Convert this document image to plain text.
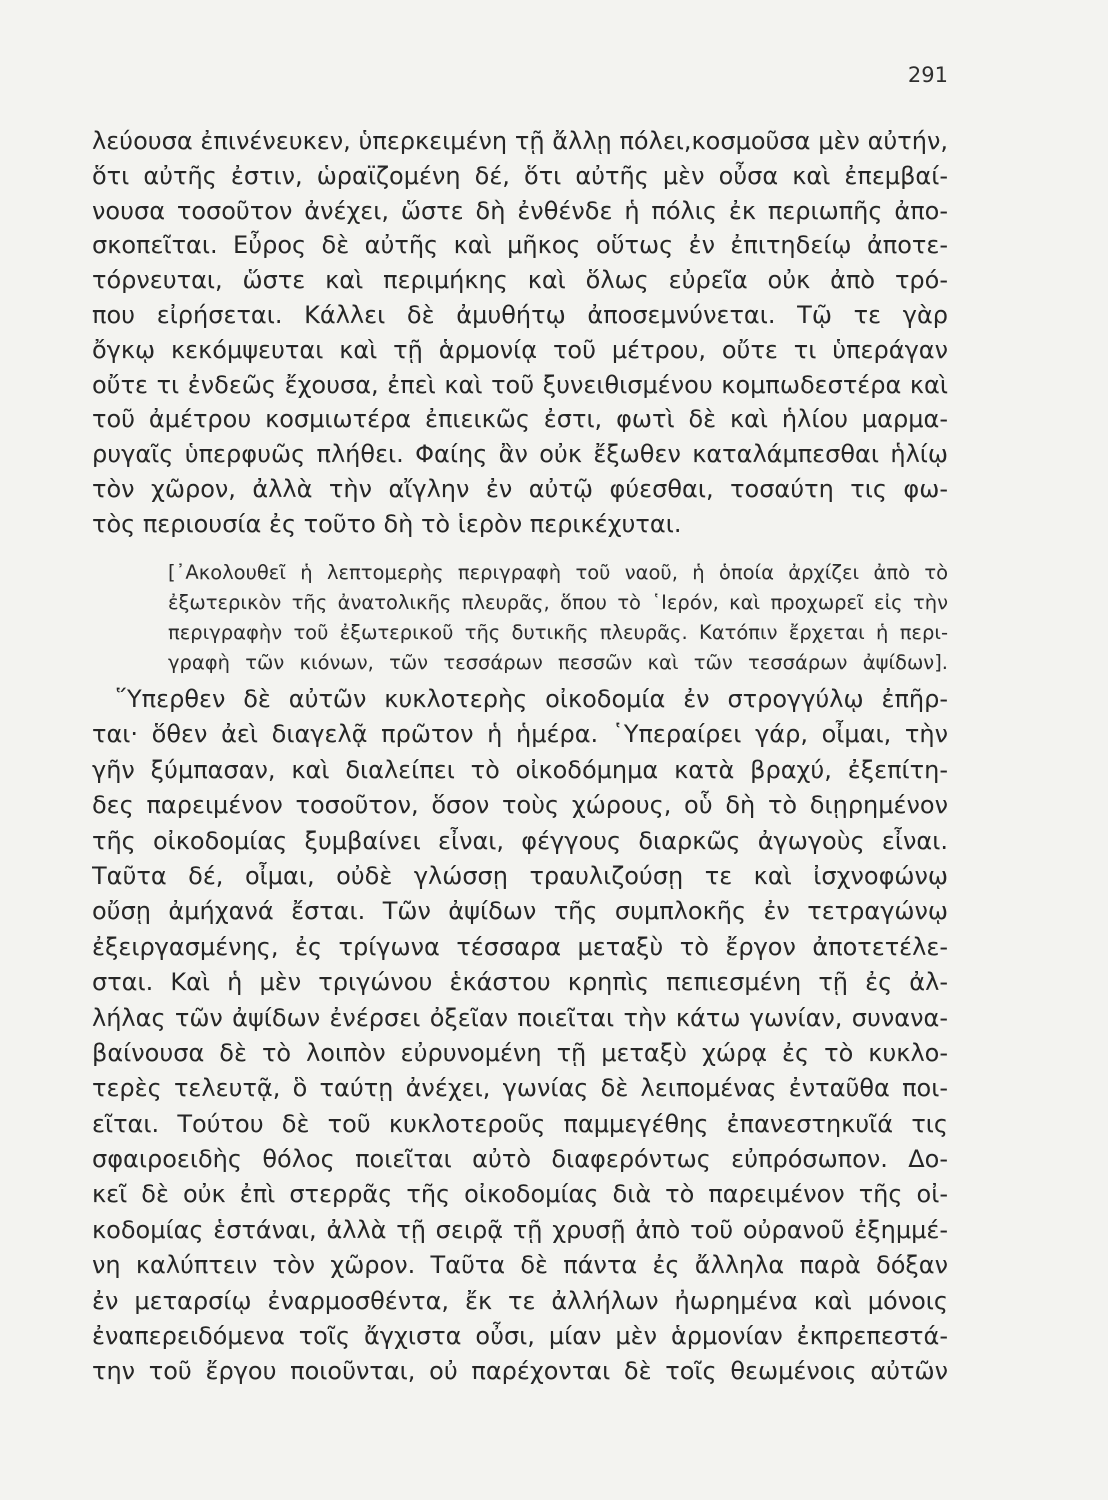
291
λεύουσα ἐπινένευκεν, ὑπερκειμένη τῇ ἄλλῃ πόλει,κοσμοῦσα μὲν αὐτήν,
ὅτι αὐτῆς ἐστιν, ὡραϊζομένη δέ, ὅτι αὐτῆς μὲν οὖσα καὶ ἐπεμβαί-
νουσα τοσοῦτον ἀνέχει, ὥστε δὴ ἐνθένδε ἡ πόλις ἐκ περιωπῆς ἀπο-
σκοπεῖται. Εὖρος δὲ αὐτῆς καὶ μῆκος οὕτως ἐν ἐπιτηδείῳ ἀποτε-
τόρνευται, ὥστε καὶ περιμήκης καὶ ὅλως εὐρεῖα οὐκ ἀπὸ τρό-
που εἰρήσεται. Κάλλει δὲ ἀμυθήτῳ ἀποσεμνύνεται. Τῷ τε γὰρ
ὄγκῳ κεκόμψευται καὶ τῇ ἁρμονίᾳ τοῦ μέτρου, οὔτε τι ὑπεράγαν
οὔτε τι ἐνδεῶς ἔχουσα, ἐπεὶ καὶ τοῦ ξυνειθισμένου κομπωδεστέρα καὶ
τοῦ ἀμέτρου κοσμιωτέρα ἐπιεικῶς ἐστι, φωτὶ δὲ καὶ ἡλίου μαρμα-
ρυγαῖς ὑπερφυῶς πλήθει. Φαίης ἂν οὐκ ἔξωθεν καταλάμπεσθαι ἡλίῳ
τὸν χῶρον, ἀλλὰ τὴν αἴγλην ἐν αὐτῷ φύεσθαι, τοσαύτη τις φω-
τὸς περιουσία ἐς τοῦτο δὴ τὸ ἱερὸν περικέχυται.
[᾿Ακολουθεῖ ἡ λεπτομερὴς περιγραφὴ τοῦ ναοῦ, ἡ ὁποία ἀρχίζει ἀπὸ τὸ
ἐξωτερικὸν τῆς ἀνατολικῆς πλευρᾶς, ὅπου τὸ ῾Ιερόν, καὶ προχωρεῖ εἰς τὴν
περιγραφὴν τοῦ ἐξωτερικοῦ τῆς δυτικῆς πλευρᾶς. Κατόπιν ἔρχεται ἡ περι-
γραφὴ τῶν κιόνων, τῶν τεσσάρων πεσσῶν καὶ τῶν τεσσάρων ἀψίδων].
῞Υπερθεν δὲ αὐτῶν κυκλοτερὴς οἰκοδομία ἐν στρογγύλῳ ἐπῆρ-
ται· ὅθεν ἀεὶ διαγελᾷ πρῶτον ἡ ἡμέρα. ῾Υπεραίρει γάρ, οἶμαι, τὴν
γῆν ξύμπασαν, καὶ διαλείπει τὸ οἰκοδόμημα κατὰ βραχύ, ἐξεπίτη-
δες παρειμένον τοσοῦτον, ὅσον τοὺς χώρους, οὗ δὴ τὸ διῃρημένον
τῆς οἰκοδομίας ξυμβαίνει εἶναι, φέγγους διαρκῶς ἀγωγοὺς εἶναι.
Ταῦτα δέ, οἶμαι, οὐδὲ γλώσσῃ τραυλιζούσῃ τε καὶ ἰσχνοφώνῳ
οὔσῃ ἀμήχανά ἔσται. Τῶν ἀψίδων τῆς συμπλοκῆς ἐν τετραγώνῳ
ἐξειργασμένης, ἐς τρίγωνα τέσσαρα μεταξὺ τὸ ἔργον ἀποτετέλε-
σται. Καὶ ἡ μὲν τριγώνου ἑκάστου κρηπὶς πεπιεσμένη τῇ ἐς ἀλ-
λήλας τῶν ἀψίδων ἐνέρσει ὀξεῖαν ποιεῖται τὴν κάτω γωνίαν, συνανα-
βαίνουσα δὲ τὸ λοιπὸν εὐρυνομένη τῇ μεταξὺ χώρᾳ ἐς τὸ κυκλο-
τερὲς τελευτᾷ, ὃ ταύτῃ ἀνέχει, γωνίας δὲ λειπομένας ἐνταῦθα ποι-
εῖται. Τούτου δὲ τοῦ κυκλοτεροῦς παμμεγέθης ἐπανεστηκυῖά τις
σφαιροειδὴς θόλος ποιεῖται αὐτὸ διαφερόντως εὐπρόσωπον. Δο-
κεῖ δὲ οὐκ ἐπὶ στερρᾶς τῆς οἰκοδομίας διὰ τὸ παρειμένον τῆς οἰ-
κοδομίας ἑστάναι, ἀλλὰ τῇ σειρᾷ τῇ χρυσῇ ἀπὸ τοῦ οὐρανοῦ ἐξημμέ-
νη καλύπτειν τὸν χῶρον. Ταῦτα δὲ πάντα ἐς ἄλληλα παρὰ δόξαν
ἐν μεταρσίῳ ἐναρμοσθέντα, ἔκ τε ἀλλήλων ἠωρημένα καὶ μόνοις
ἐναπερειδόμενα τοῖς ἄγχιστα οὖσι, μίαν μὲν ἁρμονίαν ἐκπρεπεστά-
την τοῦ ἔργου ποιοῦνται, οὐ παρέχονται δὲ τοῖς θεωμένοις αὐτῶν
